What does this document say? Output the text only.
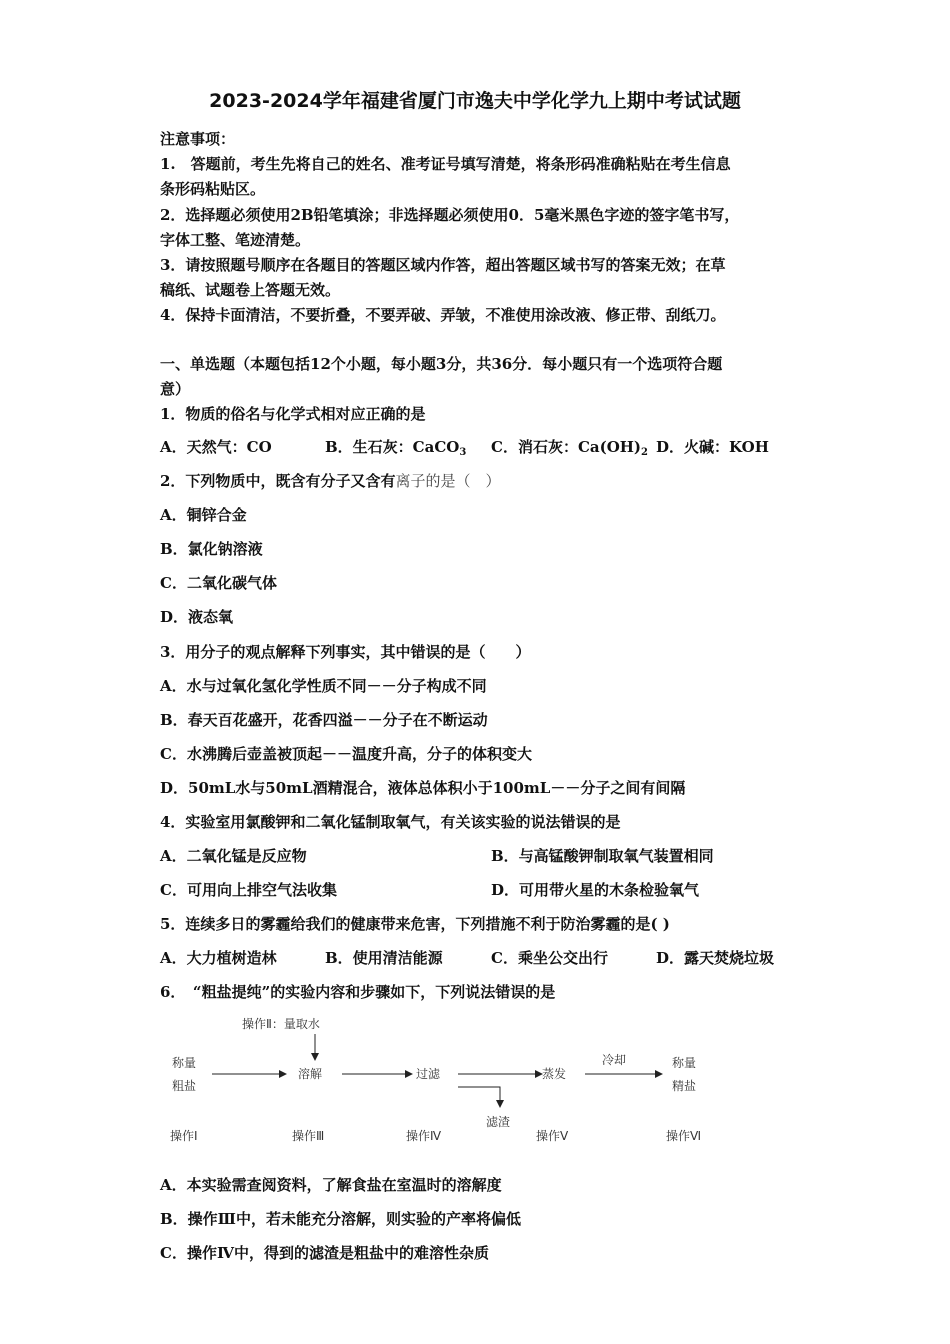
2023-2024学年福建省厦门市逸夫中学化学九上期中考试试题
注意事项：
1.　答题前，考生先将自己的姓名、准考证号填写清楚，将条形码准确粘贴在考生信息
条形码粘贴区。
2．选择题必须使用2B铅笔填涂；非选择题必须使用0．5毫米黑色字迹的签字笔书写，
字体工整、笔迹清楚。
3．请按照题号顺序在各题目的答题区域内作答，超出答题区域书写的答案无效；在草
稿纸、试题卷上答题无效。
4．保持卡面清洁，不要折叠，不要弄破、弄皱，不准使用涂改液、修正带、刮纸刀。
一、单选题（本题包括12个小题，每小题3分，共36分．每小题只有一个选项符合题
意）
1．物质的俗名与化学式相对应正确的是
A．天然气：CO	B．生石灰：CaCO$_3$ C．消石灰：$Ca(OH)_2$ D．火碱：KOH
2．下列物质中，既含有分子又含有离子的是（　）
A．铜锌合金
B．氯化钠溶液
C．二氧化碳气体
D．液态氧
3．用分子的观点解释下列事实，其中错误的是（　　）
A．水与过氧化氢化学性质不同－－分子构成不同
B．春天百花盛开，花香四溢－－分子在不断运动
C．水沸腾后壶盖被顶起－－温度升高，分子的体积变大
D．50mL水与50mL酒精混合，液体总体积小于100mL－－分子之间有间隔
4．实验室用氯酸钾和二氧化锰制取氧气，有关该实验的说法错误的是
A．二氧化锰是反应物	B．与高锰酸钾制取氧气装置相同
C．可用向上排空气法收集	D．可用带火星的木条检验氧气
5．连续多日的雾霾给我们的健康带来危害，下列措施不利于防治雾霾的是( )
A．大力植树造林	B．使用清洁能源	C．乘坐公交出行	D．露天焚烧垃圾
6．　“粗盐提纯”的实验内容和步骤如下，下列说法错误的是
操作Ⅱ：量取水
称量
粗盐
溶解	过滤	蒸发
冷却	称量
精盐
滤渣
操作Ⅰ	操作Ⅲ	操作Ⅳ	操作Ⅴ	操作Ⅵ
A．本实验需查阅资料，了解食盐在室温时的溶解度
B．操作Ⅲ中，若未能充分溶解，则实验的产率将偏低
C．操作Ⅳ中，得到的滤渣是粗盐中的难溶性杂质
